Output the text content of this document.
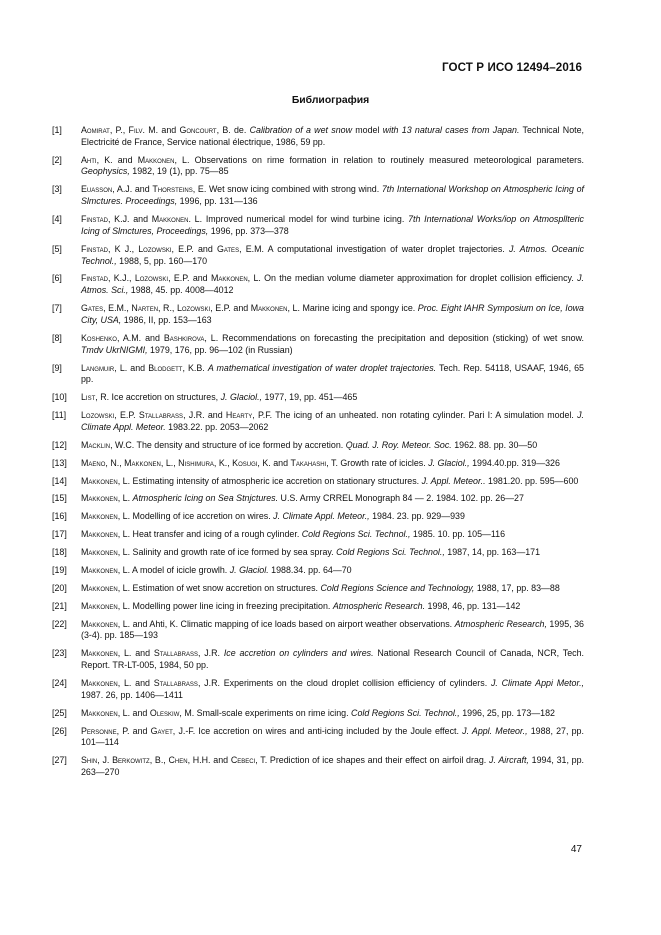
ГОСТ Р ИСО 12494–2016
Библиография
[1]	Aomirat, P., Filv. M. and Goncourt, B. de. Calibration of a wet snow model with 13 natural cases from Japan. Technical Note, Electricité de France, Service national électrique, 1986, 59 pp.
[2]	Ahti, K. and Makkonen, L. Observations on rime formation in relation to routinely measured meteorological parameters. Geophysics, 1982, 19 (1), pp. 75—85
[3]	Euasson, A.J. and Thorsteins, E. Wet snow icing combined with strong wind. 7th International Workshop on Atmospheric Icing of Slmctures. Proceedings, 1996, pp. 131—136
[4]	Finstad, K.J. and Makkonen. L. Improved numerical model for wind turbine icing. 7th International Works/iop on Atmospllteric Icing of Slmctures, Proceedings, 1996, pp. 373—378
[5]	Finstad, K J., Lozowski, E.P. and Gates, E.M. A computational investigation of water droplet trajectories. J. Atmos. Oceanic Technol., 1988, 5, pp. 160—170
[6]	Finstad, K.J., Lozowski, E.P. and Makkonen, L. On the median volume diameter approximation for droplet collision efficiency. J. Atmos. Sci., 1988, 45. pp. 4008—4012
[7]	Gates, E.M., Narten, R., Lozowski, E.P. and Makkonen, L. Marine icing and spongy ice. Proc. Eight lAHR Symposium on Ice, Iowa City, USA, 1986, II, pp. 153—163
[8]	Koshenko, A.M. and Bashkirova, L. Recommendations on forecasting the precipitation and deposition (sticking) of wet snow. Tmdv UkrNIGMI, 1979, 176, pp. 96—102 (in Russian)
[9]	Langmuir, L. and Blodgett, K.B. A mathematical investigation of water droplet trajectories. Tech. Rep. 54118, USAAF, 1946, 65 pp.
[10]	List, R. Ice accretion on structures, J. Glaciol., 1977, 19, pp. 451—465
[11]	Lozowski, E.P. Stallabrass, J.R. and Hearty, P.F. The icing of an unheated. non rotating cylinder. Pari I: A simulation model. J. Climate Appl. Meteor. 1983.22. pp. 2053—2062
[12]	Macklin, W.C. The density and structure of ice formed by accretion. Quad. J. Roy. Meteor. Soc. 1962. 88. pp. 30—50
[13]	Maeno, N., Makkonen, L., Nishimura, K., Kosugi, K. and Takahashi, T. Growth rate of icicles. J. Glaciol., 1994.40.pp. 319—326
[14]	Makkonen, L. Estimating intensity of atmospheric ice accretion on stationary structures. J. Appl. Meteor.. 1981.20. pp. 595—600
[15]	Makkonen, L. Atmospheric Icing on Sea Stnjctures. U.S. Army CRREL Monograph 84 — 2. 1984. 102. pp. 26—27
[16]	Makkonen, L. Modelling of ice accretion on wires. J. Climate Appl. Meteor., 1984. 23. pp. 929—939
[17]	Makkonen, L. Heat transfer and icing of a rough cylinder. Cold Regions Sci. Technol., 1985. 10. pp. 105—116
[18]	Makkonen, L. Salinity and growth rate of ice formed by sea spray. Cold Regions Sci. Technol., 1987, 14, pp. 163—171
[19]	Makkonen, L. A model of icicle growlh. J. Glaciol. 1988.34. pp. 64—70
[20]	Makkonen, L. Estimation of wet snow accretion on structures. Cold Regions Science and Technology, 1988, 17, pp. 83—88
[21]	Makkonen, L. Modelling power line icing in freezing precipitation. Atmospheric Research. 1998, 46, pp. 131—142
[22]	Makkonen, L. and Ahti, K. Climatic mapping of ice loads based on airport weather observations. Atmospheric Research, 1995, 36 (3-4). pp. 185—193
[23]	Makkonen, L. and Stallabrass, J.R. Ice accretion on cylinders and wires. National Research Council of Canada, NCR, Tech. Report. TR-LT-005, 1984, 50 pp.
[24]	Makkonen, L. and Stallabrass, J.R. Experiments on the cloud droplet collision efficiency of cylinders. J. Climate Appi Metor., 1987. 26, pp. 1406—1411
[25]	Makkonen, L. and Oleskiw, M. Small-scale experiments on rime icing. Cold Regions Sci. Technol., 1996, 25, pp. 173—182
[26]	Personne, P. and Gayet, J.-F. Ice accretion on wires and anti-icing included by the Joule effect. J. Appl. Meteor., 1988, 27, pp. 101—114
[27]	Shin, J. Berkowitz, B., Chen, H.H. and Cebeci, T. Prediction of ice shapes and their effect on airfoil drag. J. Aircraft, 1994, 31, pp. 263—270
47
